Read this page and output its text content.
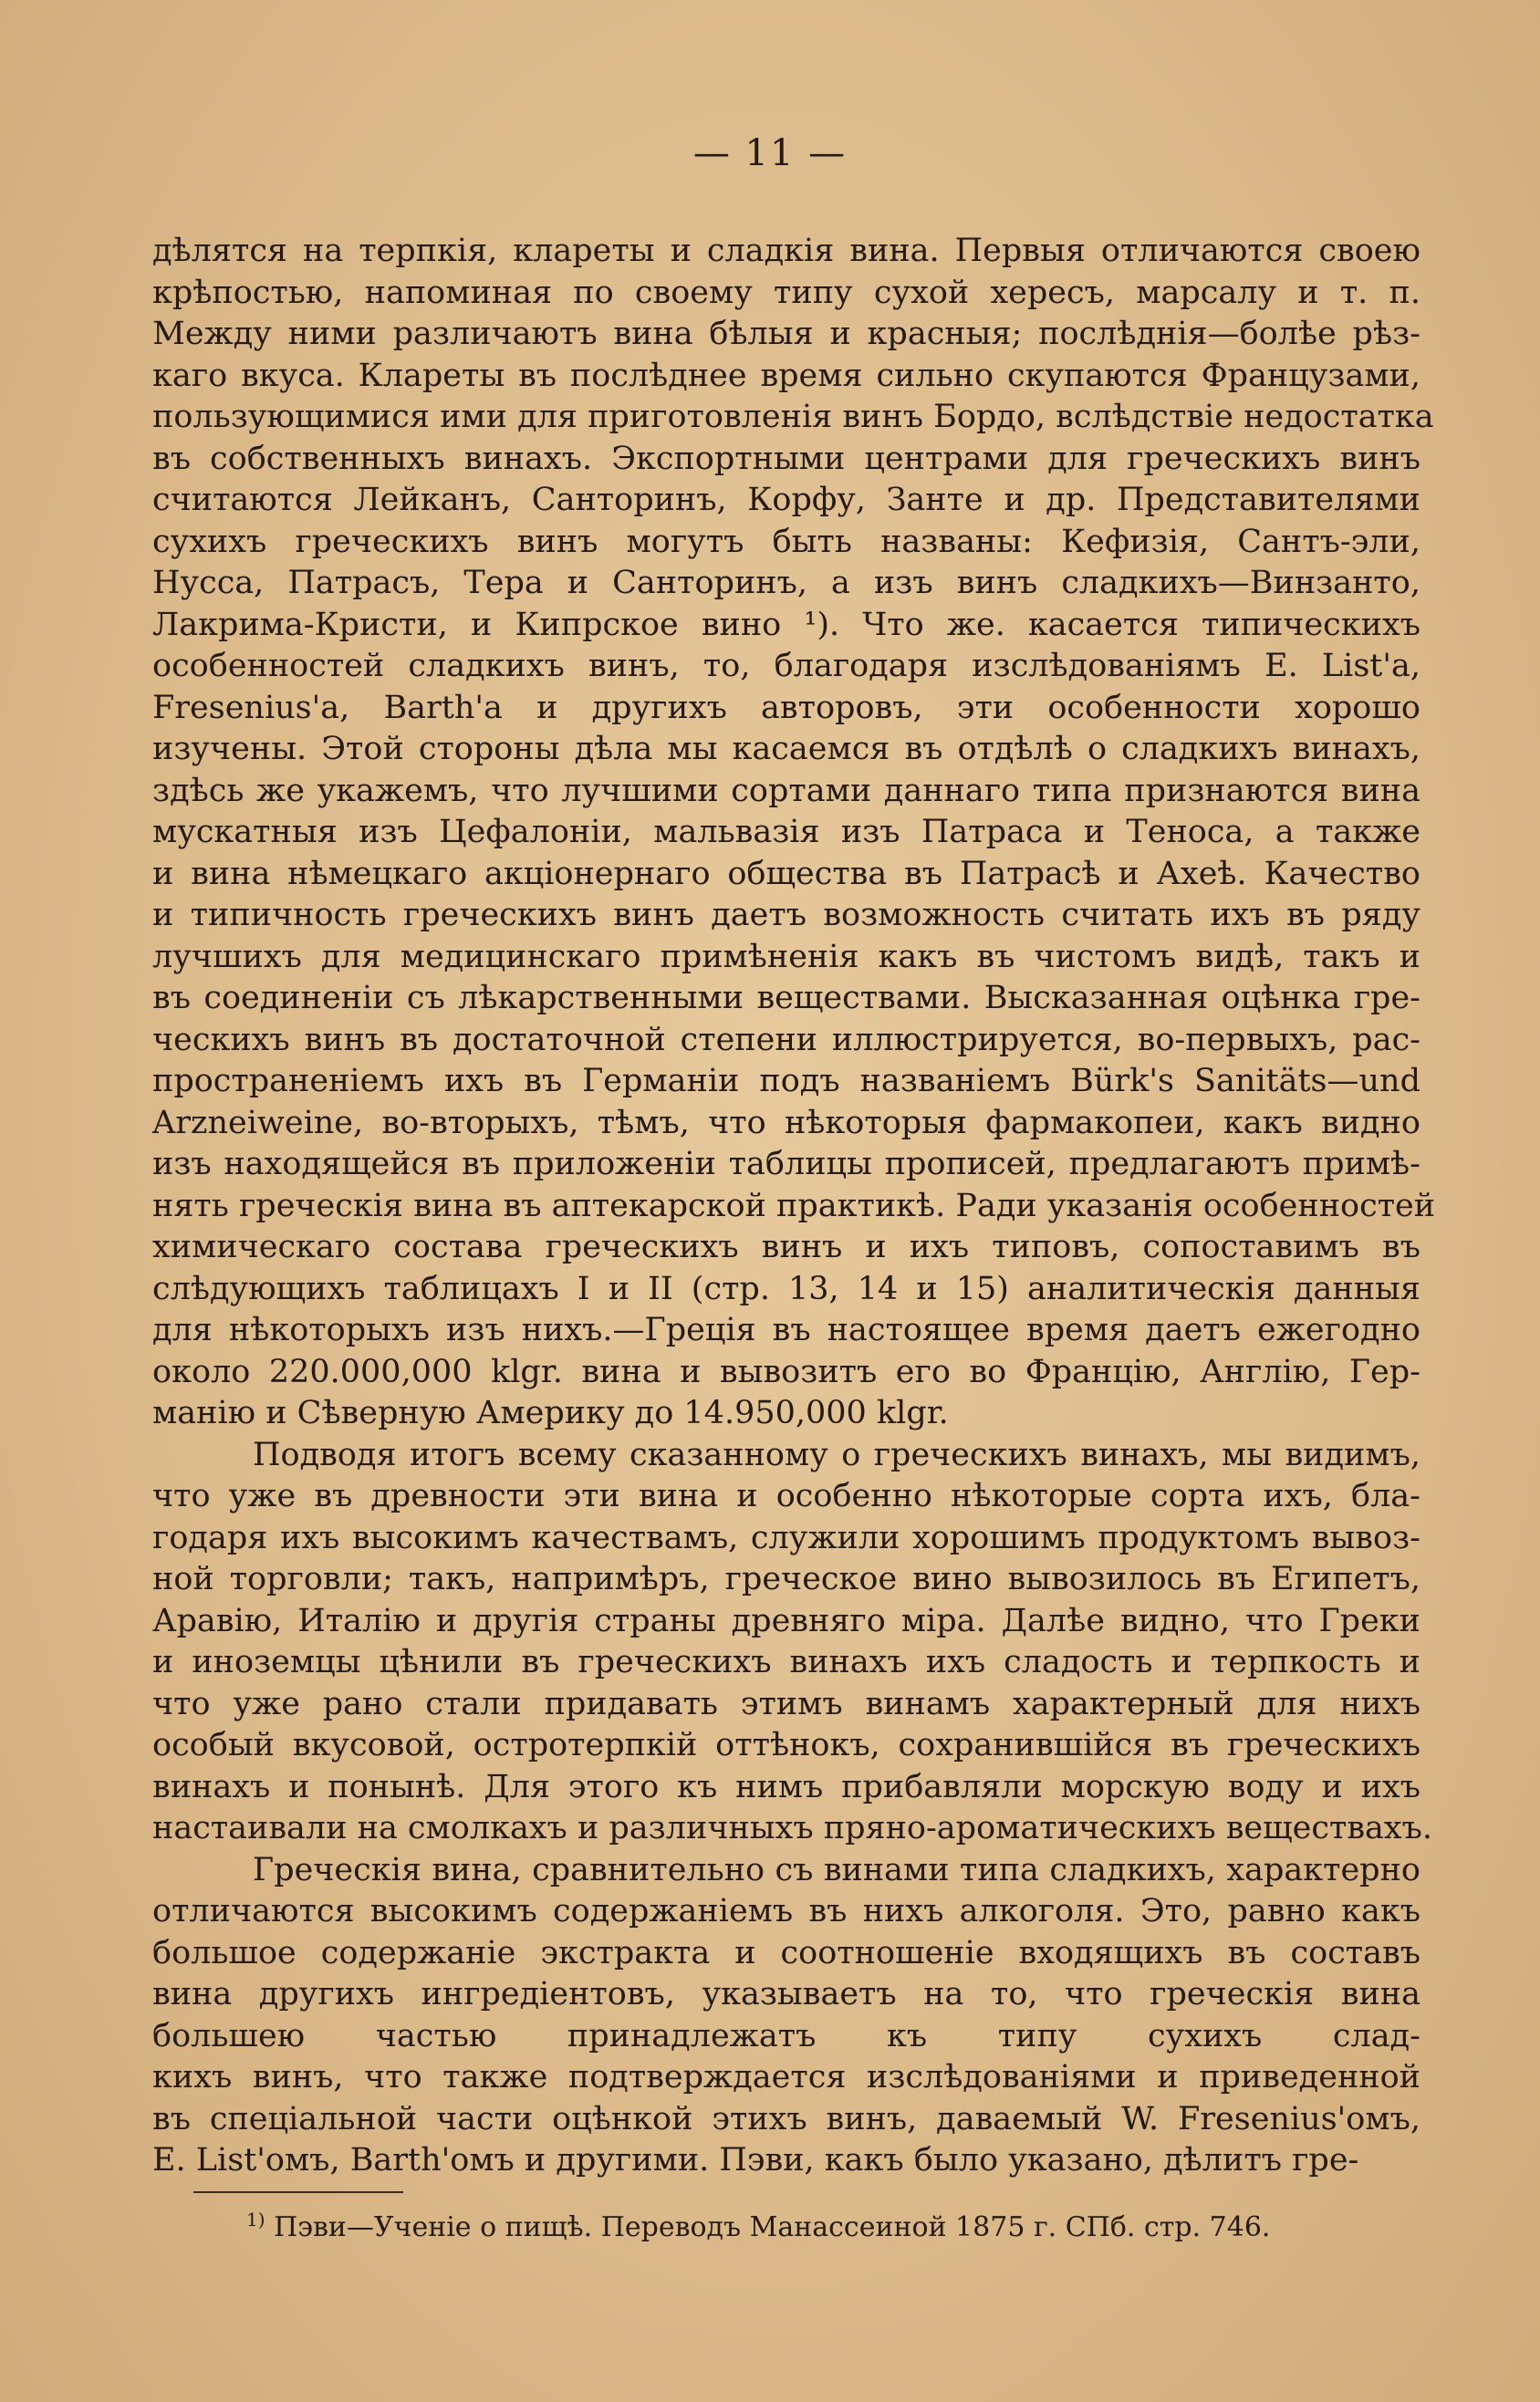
— 11 —
дѣлятся на терпкія, клареты и сладкія вина. Первыя отличаются своею
крѣпостью, напоминая по своему типу сухой хересъ, марсалу и т. п.
Между ними различаютъ вина бѣлыя и красныя; послѣднія—болѣе рѣз-
каго вкуса. Клареты въ послѣднее время сильно скупаются Французами,
пользующимися ими для приготовленія винъ Бордо, вслѣдствіе недостатка
въ собственныхъ винахъ. Экспортными центрами для греческихъ винъ
считаются Лейканъ, Санторинъ, Корфу, Занте и др. Представителями
сухихъ греческихъ винъ могутъ быть названы: Кефизія, Сантъ-эли,
Нусса, Патрасъ, Тера и Санторинъ, а изъ винъ сладкихъ—Винзанто,
Лакрима-Кристи, и Кипрское вино ¹). Что же. касается типическихъ
особенностей сладкихъ винъ, то, благодаря изслѣдованіямъ E. List'а,
Fresenius'а, Barth'а и другихъ авторовъ, эти особенности хорошо
изучены. Этой стороны дѣла мы касаемся въ отдѣлѣ о сладкихъ винахъ,
здѣсь же укажемъ, что лучшими сортами даннаго типа признаются вина
мускатныя изъ Цефалоніи, мальвазія изъ Патраса и Теноса, а также
и вина нѣмецкаго акціонернаго общества въ Патрасѣ и Ахеѣ. Качество
и типичность греческихъ винъ даетъ возможность считать ихъ въ ряду
лучшихъ для медицинскаго примѣненія какъ въ чистомъ видѣ, такъ и
въ соединеніи съ лѣкарственными веществами. Высказанная оцѣнка гре-
ческихъ винъ въ достаточной степени иллюстрируется, во-первыхъ, рас-
пространеніемъ ихъ въ Германіи подъ названіемъ Bürk's Sanitäts—und
Arzneiweine, во-вторыхъ, тѣмъ, что нѣкоторыя фармакопеи, какъ видно
изъ находящейся въ приложеніи таблицы прописей, предлагаютъ примѣ-
нять греческія вина въ аптекарской практикѣ. Ради указанія особенностей
химическаго состава греческихъ винъ и ихъ типовъ, сопоставимъ въ
слѣдующихъ таблицахъ I и II (стр. 13, 14 и 15) аналитическія данныя
для нѣкоторыхъ изъ нихъ.—Греція въ настоящее время даетъ ежегодно
около 220.000,000 klgr. вина и вывозитъ его во Францію, Англію, Гер-
манію и Сѣверную Америку до 14.950,000 klgr.
Подводя итогъ всему сказанному о греческихъ винахъ, мы видимъ,
что уже въ древности эти вина и особенно нѣкоторые сорта ихъ, бла-
годаря ихъ высокимъ качествамъ, служили хорошимъ продуктомъ вывоз-
ной торговли; такъ, напримѣръ, греческое вино вывозилось въ Египетъ,
Аравію, Италію и другія страны древняго міра. Далѣе видно, что Греки
и иноземцы цѣнили въ греческихъ винахъ ихъ сладость и терпкость и
что уже рано стали придавать этимъ винамъ характерный для нихъ
особый вкусовой, остротерпкій оттѣнокъ, сохранившійся въ греческихъ
винахъ и понынѣ. Для этого къ нимъ прибавляли морскую воду и ихъ
настаивали на смолкахъ и различныхъ пряно-ароматическихъ веществахъ.
Греческія вина, сравнительно съ винами типа сладкихъ, характерно
отличаются высокимъ содержаніемъ въ нихъ алкоголя. Это, равно какъ
большое содержаніе экстракта и соотношеніе входящихъ въ составъ
вина другихъ ингредіентовъ, указываетъ на то, что греческія вина
большею частью принадлежатъ къ типу сухихъ слад-
кихъ винъ, что также подтверждается изслѣдованіями и приведенной
въ спеціальной части оцѣнкой этихъ винъ, даваемый W. Fresenius'омъ,
E. List'омъ, Barth'омъ и другими. Пэви, какъ было указано, дѣлитъ гре-
$^{1)}$ Пэви—Ученіе о пищѣ. Переводъ Манассеиной 1875 г. СПб. стр. 746.
